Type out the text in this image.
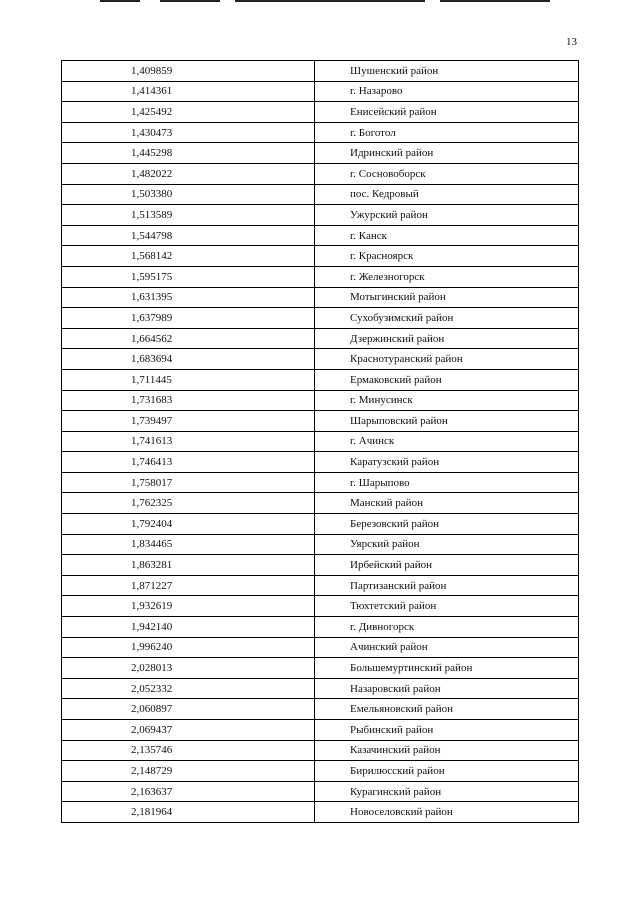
13
1,409859	Шушенский район
1,414361	г. Назарово
1,425492	Енисейский район
1,430473	г. Боготол
1,445298	Идринский район
1,482022	г. Сосновоборск
1,503380	пос. Кедровый
1,513589	Ужурский район
1,544798	г. Канск
1,568142	г. Красноярск
1,595175	г. Железногорск
1,631395	Мотыгинский район
1,637989	Сухобузимский район
1,664562	Дзержинский район
1,683694	Краснотуранский район
1,711445	Ермаковский район
1,731683	г. Минусинск
1,739497	Шарыповский район
1,741613	г. Ачинск
1,746413	Каратузский район
1,758017	г. Шарыпово
1,762325	Манский район
1,792404	Березовский район
1,834465	Уярский район
1,863281	Ирбейский район
1,871227	Партизанский район
1,932619	Тюхтетский район
1,942140	г. Дивногорск
1,996240	Ачинский район
2,028013	Большемуртинский район
2,052332	Назаровский район
2,060897	Емельяновский район
2,069437	Рыбинский район
2,135746	Казачинский район
2,148729	Бирилюсский район
2,163637	Курагинский район
2,181964	Новоселовский район
